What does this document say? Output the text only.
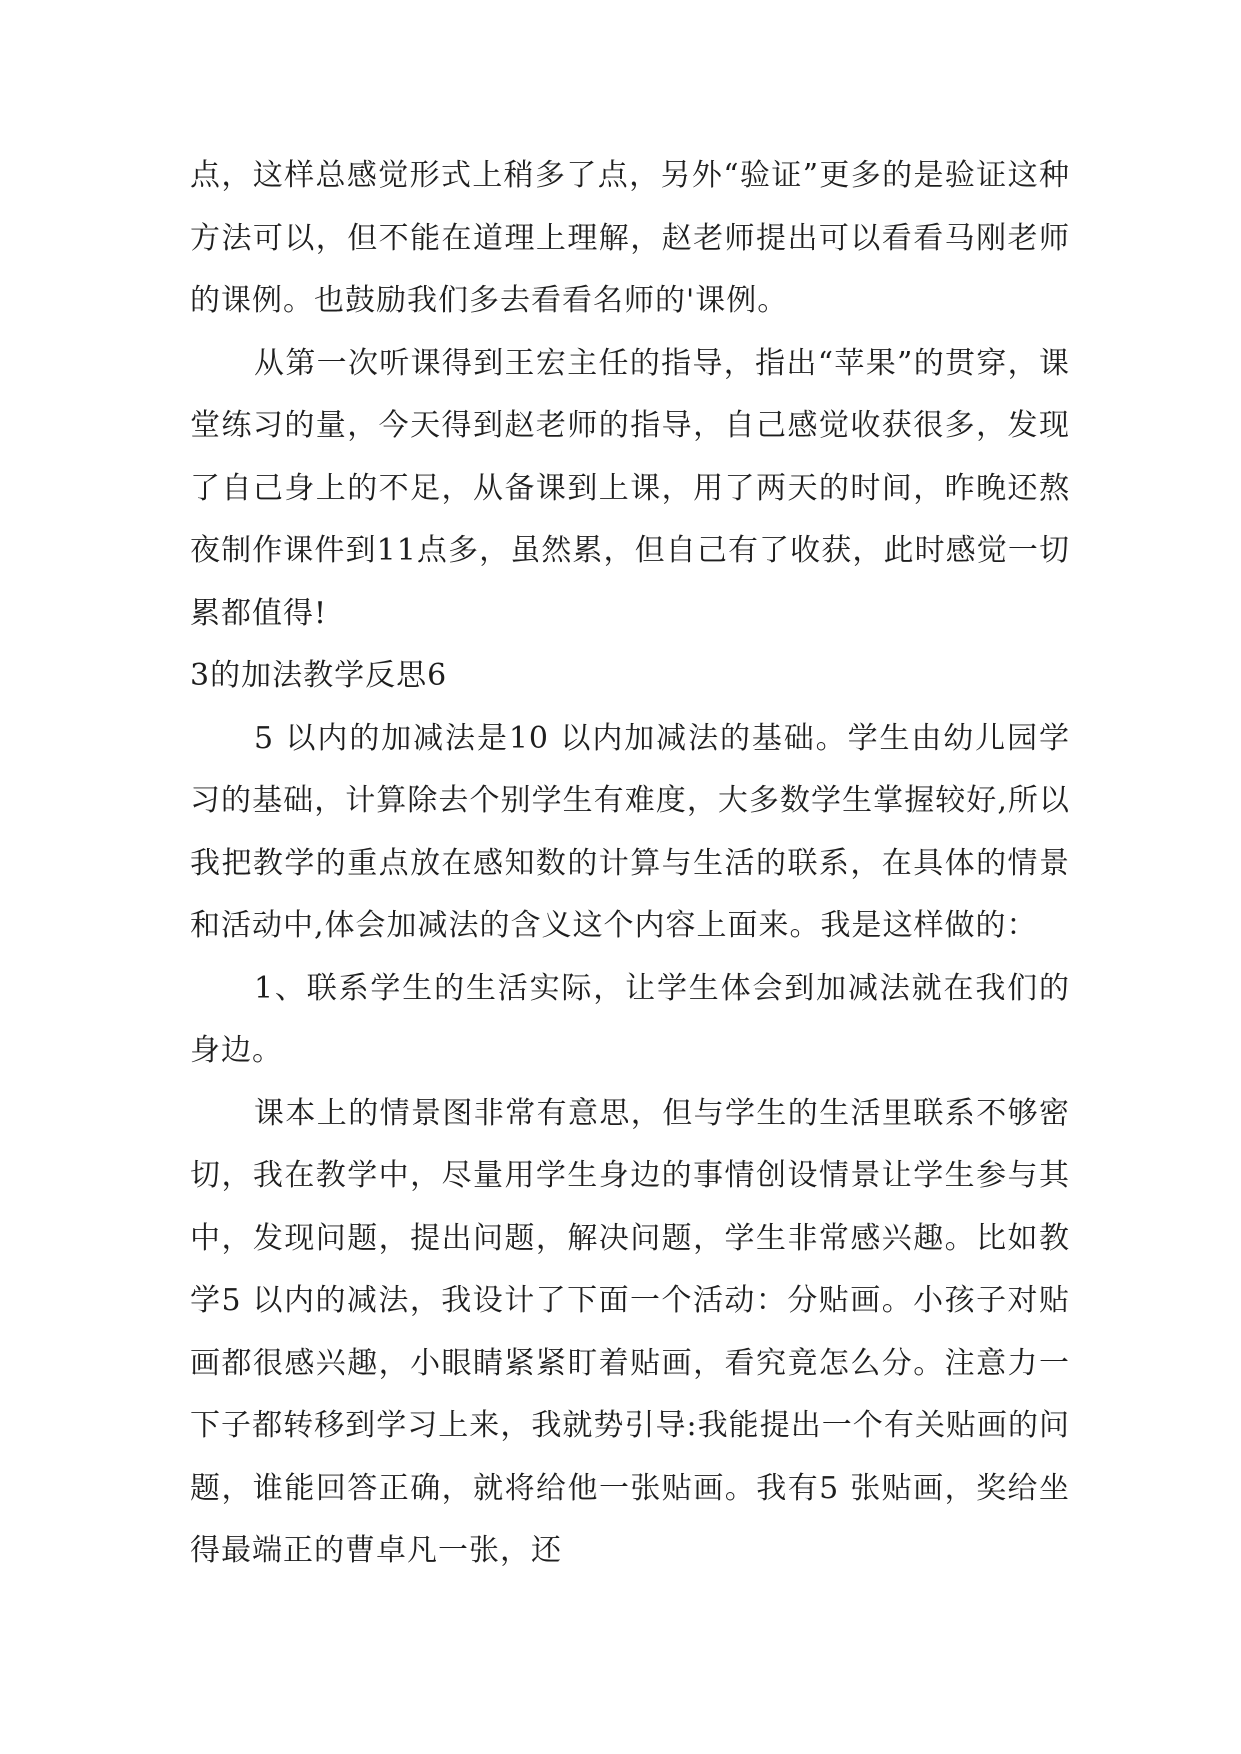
点，这样总感觉形式上稍多了点，另外“验证”更多的是验证这种方法可以，但不能在道理上理解，赵老师提出可以看看马刚老师的课例。也鼓励我们多去看看名师的'课例。

从第一次听课得到王宏主任的指导，指出“苹果”的贯穿，课堂练习的量，今天得到赵老师的指导，自己感觉收获很多，发现了自己身上的不足，从备课到上课，用了两天的时间，昨晚还熬夜制作课件到11点多，虽然累，但自己有了收获，此时感觉一切累都值得!

3的加法教学反思6

5 以内的加减法是10 以内加减法的基础。学生由幼儿园学习的基础，计算除去个别学生有难度，大多数学生掌握较好,所以我把教学的重点放在感知数的计算与生活的联系，在具体的情景和活动中,体会加减法的含义这个内容上面来。我是这样做的：

1、联系学生的生活实际，让学生体会到加减法就在我们的身边。

课本上的情景图非常有意思，但与学生的生活里联系不够密切，我在教学中，尽量用学生身边的事情创设情景让学生参与其中，发现问题，提出问题，解决问题，学生非常感兴趣。比如教学5 以内的减法，我设计了下面一个活动：分贴画。小孩子对贴画都很感兴趣，小眼睛紧紧盯着贴画，看究竟怎么分。注意力一下子都转移到学习上来，我就势引导:我能提出一个有关贴画的问题，谁能回答正确，就将给他一张贴画。我有5 张贴画，奖给坐得最端正的曹卓凡一张，还
